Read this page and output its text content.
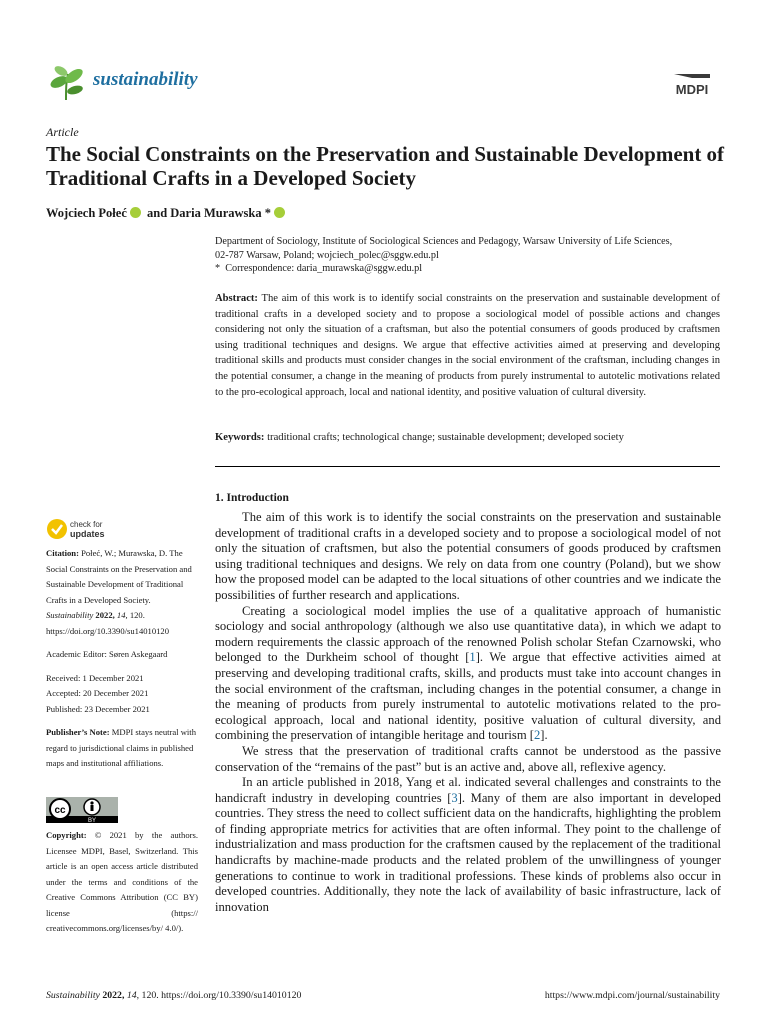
sustainability	MDPI
Article
The Social Constraints on the Preservation and Sustainable Development of Traditional Crafts in a Developed Society
Wojciech Połeć and Daria Murawska *
Department of Sociology, Institute of Sociological Sciences and Pedagogy, Warsaw University of Life Sciences,
02-787 Warsaw, Poland; wojciech_polec@sggw.edu.pl
* Correspondence: daria_murawska@sggw.edu.pl
Abstract: The aim of this work is to identify social constraints on the preservation and sustainable development of traditional crafts in a developed society and to propose a sociological model of possible actions and changes considering not only the situation of a craftsman, but also the potential consumers of goods produced by craftsmen using traditional techniques and designs. We argue that effective activities aimed at preserving and developing traditional skills and products must consider changes in the social environment of the craftsman, including changes in the potential consumer, a change in the meaning of products from purely instrumental to autotelic motivations related to the pro-ecological approach, local and national identity, and positive valuation of cultural diversity.
Keywords: traditional crafts; technological change; sustainable development; developed society
check for
updates

Citation: Połeć, W.; Murawska, D. The Social Constraints on the Preservation and Sustainable Development of Traditional Crafts in a Developed Society. Sustainability 2022, 14, 120. https://doi.org/10.3390/su14010120

Academic Editor: Søren Askegaard

Received: 1 December 2021
Accepted: 20 December 2021
Published: 23 December 2021

Publisher’s Note: MDPI stays neutral with regard to jurisdictional claims in published maps and institutional affiliations.

cc
BY
Copyright: © 2021 by the authors. Licensee MDPI, Basel, Switzerland. This article is an open access article distributed under the terms and conditions of the Creative Commons Attribution (CC BY) license (https:// creativecommons.org/licenses/by/ 4.0/).
1. Introduction

The aim of this work is to identify the social constraints on the preservation and sustainable development of traditional crafts in a developed society and to propose a sociological model of not only the situation of craftsmen, but also the potential consumers of goods produced by craftsmen using traditional techniques and designs. We rely on data from one country (Poland), but we show how the proposed model can be adapted to the local situations of other countries and we indicate the possibilities of further research and applications.

Creating a sociological model implies the use of a qualitative approach of humanistic sociology and social anthropology (although we also use quantitative data), in which we adapt to modern requirements the classic approach of the renowned Polish scholar Stefan Czarnowski, who belonged to the Durkheim school of thought [1]. We argue that effective activities aimed at preserving and developing traditional crafts, skills, and products must take into account changes in the social environment of the craftsman, including changes in the potential consumer, a change in the meaning of products from purely instrumental to autotelic motivations related to the pro-ecological approach, local and national identity, positive valuation of cultural diversity, and combining the preservation of intangible heritage and tourism [2].

We stress that the preservation of traditional crafts cannot be understood as the passive conservation of the “remains of the past” but is an active and, above all, reflexive agency.

In an article published in 2018, Yang et al. indicated several challenges and constraints to the handicraft industry in developing countries [3]. Many of them are also important in developed countries. They stress the need to collect sufficient data on the handicrafts, highlighting the problem of finding appropriate metrics for activities that are often informal. They point to the challenge of industrialization and mass production for the craftsmen caused by the replacement of the traditional handicrafts by machine-made products and the related problem of the unwillingness of younger generations to continue to work in traditional professions. These kinds of problems also occur in developed countries. Additionally, they note the lack of availability of basic infrastructure, lack of innovation

Sustainability 2022, 14, 120. https://doi.org/10.3390/su14010120	https://www.mdpi.com/journal/sustainability
